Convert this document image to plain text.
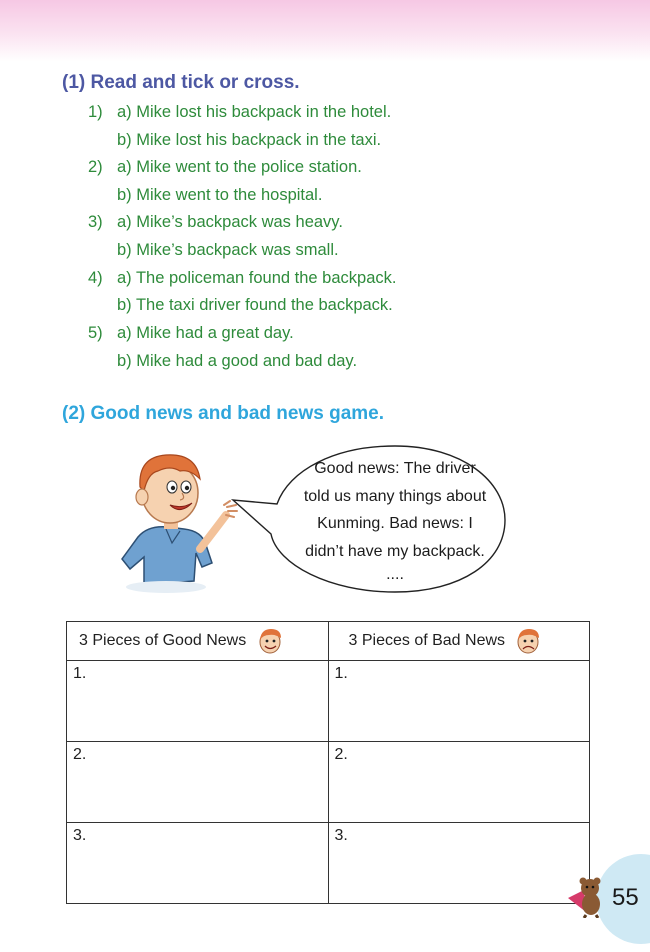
(1) Read and tick or cross.
1) a) Mike lost his backpack in the hotel.
b) Mike lost his backpack in the taxi.
2) a) Mike went to the police station.
b) Mike went to the hospital.
3) a) Mike’s backpack was heavy.
b) Mike’s backpack was small.
4) a) The policeman found the backpack.
b) The taxi driver found the backpack.
5) a) Mike had a great day.
b) Mike had a good and bad day.
(2) Good news and bad news game.
Good news: The driver
told us many things about
Kunming. Bad news: I
didn’t have my backpack.
....
3 Pieces of Good News	3 Pieces of Bad News
1.	1.
2.	2.
3.	3.
55
